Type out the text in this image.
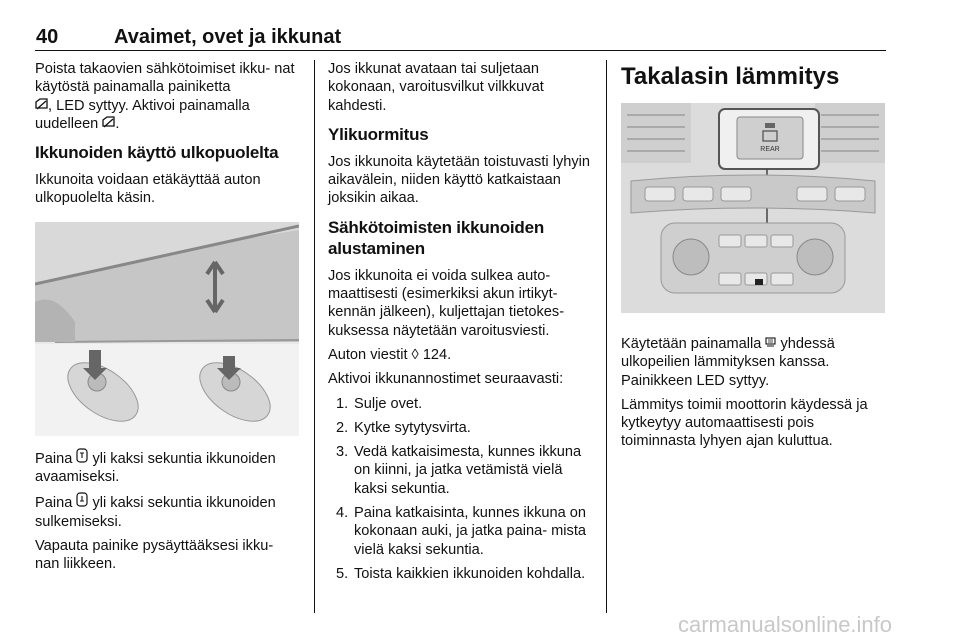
40	Avaimet, ovet ja ikkunat

Poista takaovien sähkötoimiset ikku- nat käytöstä painamalla painiketta
, LED syttyy. Aktivoi painamalla uudelleen .

Ikkunoiden käyttö ulkopuolelta

Ikkunoita voidaan etäkäyttää auton ulkopuolelta käsin.

Paina yli kaksi sekuntia ikkunoiden avaamiseksi.

Paina yli kaksi sekuntia ikkunoiden sulkemiseksi.

Vapauta painike pysäyttääksesi ikku- nan liikkeen.

Jos ikkunat avataan tai suljetaan kokonaan, varoitusvilkut vilkkuvat kahdesti.

Ylikuormitus

Jos ikkunoita käytetään toistuvasti lyhyin aikavälein, niiden käyttö katkaistaan joksikin aikaa.

Sähkötoimisten ikkunoiden alustaminen

Jos ikkunoita ei voida sulkea auto- maattisesti (esimerkiksi akun irtikyt- kennän jälkeen), kuljettajan tietokes- kuksessa näytetään varoitusviesti.

Auton viestit ◊ 124.

Aktivoi ikkunannostimet seuraavasti:

1. Sulje ovet.
2. Kytke sytytysvirta.
3. Vedä katkaisimesta, kunnes ikkuna on kiinni, ja jatka vetämistä vielä kaksi sekuntia.
4. Paina katkaisinta, kunnes ikkuna on kokonaan auki, ja jatka paina- mista vielä kaksi sekuntia.
5. Toista kaikkien ikkunoiden kohdalla.
Takalasin lämmitys
REAR

Käytetään painamalla yhdessä ulkopeilien lämmityksen kanssa. Painikkeen LED syttyy.

Lämmitys toimii moottorin käydessä ja kytkeytyy automaattisesti pois toiminnasta lyhyen ajan kuluttua.

carmanualsonline.info
